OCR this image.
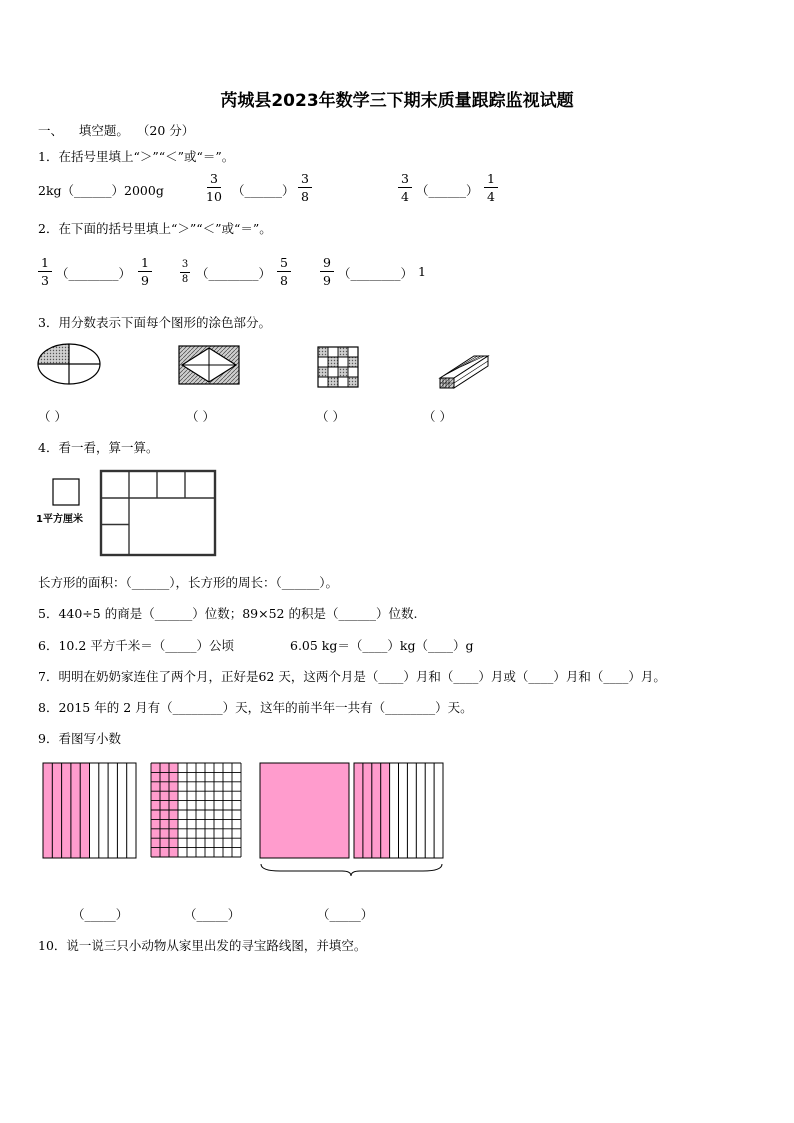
芮城县2023年数学三下期末质量跟踪监视试题
一、 填空题。 （20 分）
1．在括号里填上“＞”“＜”或“＝”。
2kg（______）2000g
3
10 （______）
3
8
3
4 （______）
1
4
2．在下面的括号里填上“＞”“＜”或“＝”。
1
3 （________）
1
9
3
8 （________）
5
8
9
9 （________） 1
3．用分数表示下面每个图形的涂色部分。
（ ）	（ ）	（ ）	（ ）
4．看一看，算一算。
1平方厘米
长方形的面积：（______），长方形的周长：（______）。
5．440÷5 的商是（______）位数；89×52 的积是（______）位数.
6．10.2 平方千米＝（_____）公顷	6.05 kg＝（____）kg（____）g
7．明明在奶奶家连住了两个月，正好是62 天，这两个月是（____）月和（____）月或（____）月和（____）月。
8．2015 年的 2 月有（________）天，这年的前半年一共有（________）天。
9．看图写小数
（_____）	（_____）	（_____）
10．说一说三只小动物从家里出发的寻宝路线图，并填空。
